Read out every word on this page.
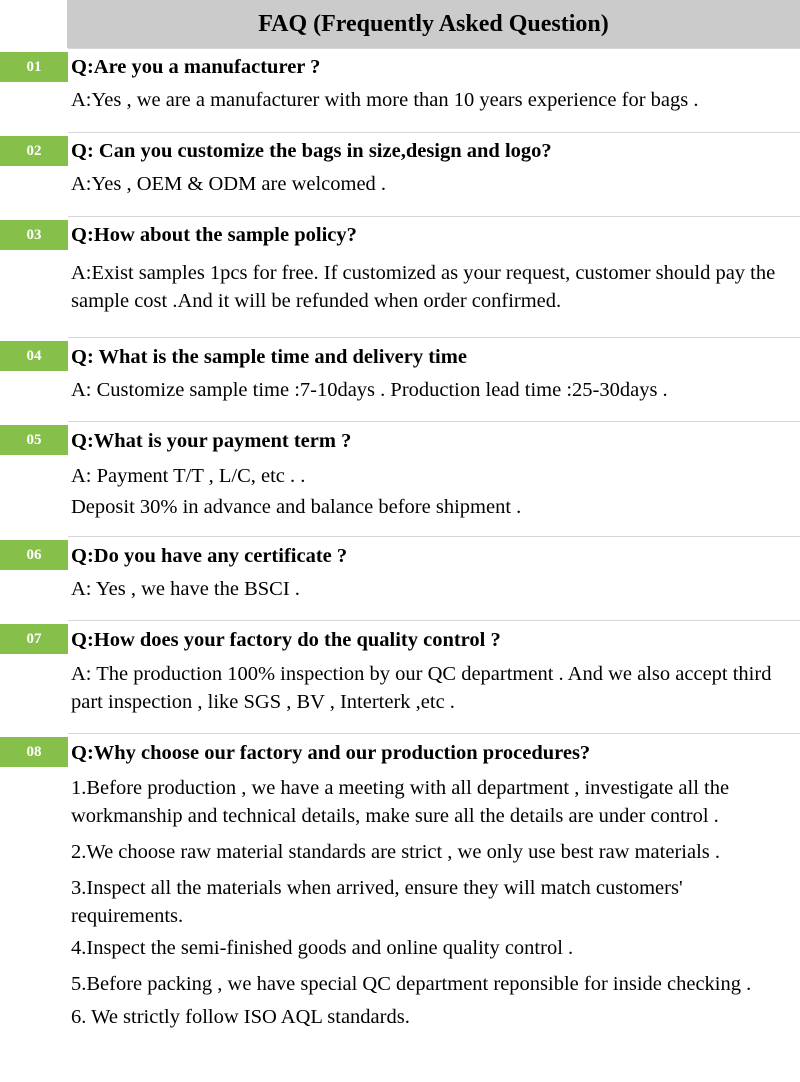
FAQ (Frequently Asked Question)
01	Q:Are you a manufacturer ?

A:Yes , we are a manufacturer with more than 10 years experience for bags .

02	Q: Can you customize the bags in size,design and logo?

A:Yes , OEM & ODM are welcomed .

03	Q:How about the sample policy?

A:Exist samples 1pcs for free. If customized as your request, customer should pay the sample cost .And it will be refunded when order confirmed.

04	Q: What is the sample time and delivery time

A: Customize sample time :7-10days . Production lead time :25-30days .

05	Q:What is your payment term ?

A: Payment T/T , L/C, etc . .

Deposit 30% in advance and balance before shipment .

06	Q:Do you have any certificate ?

A: Yes , we have the BSCI .

07	Q:How does your factory do the quality control ?

A: The production 100% inspection by our QC department . And we also accept third part inspection , like SGS , BV , Interterk ,etc .

08	Q:Why choose our factory and our production procedures?

1.Before production , we have a meeting with all department , investigate all the workmanship and technical details, make sure all the details are under control .

2.We choose raw material standards are strict , we only use best raw materials .

3.Inspect all the materials when arrived, ensure they will match customers' requirements.

4.Inspect the semi-finished goods and online quality control .

5.Before packing , we have special QC department reponsible for inside checking .

6. We strictly follow ISO AQL standards.
